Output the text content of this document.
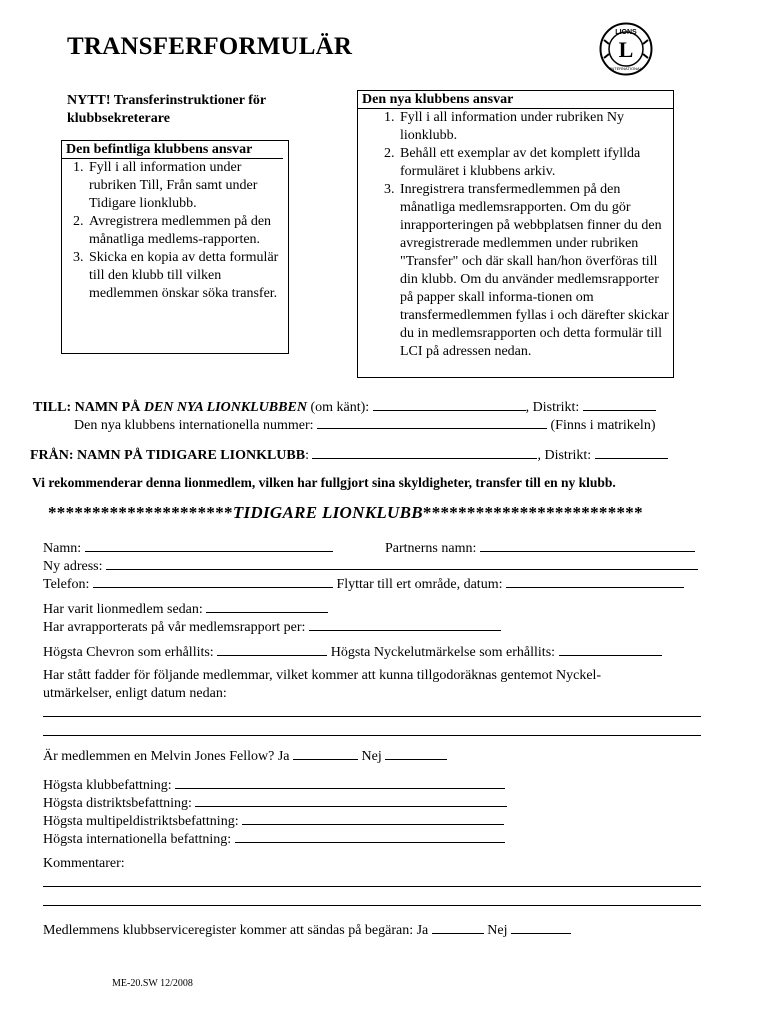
TRANSFERFORMULÄR
LIONS
INTERNATIONAL
L
NYTT! Transferinstruktioner för
klubbsekreterare
Den befintliga klubbens ansvar
1. Fyll i all information under rubriken Till, Från samt under Tidigare lionklubb.
2. Avregistrera medlemmen på den månatliga medlems-rapporten.
3. Skicka en kopia av detta formulär till den klubb till vilken medlemmen önskar söka transfer.
Den nya klubbens ansvar
1. Fyll i all information under rubriken Ny lionklubb.
2. Behåll ett exemplar av det komplett ifyllda formuläret i klubbens arkiv.
3. Inregistrera transfermedlemmen på den månatliga medlemsrapporten. Om du gör inrapporteringen på webbplatsen finner du den avregistrerade medlemmen under rubriken "Transfer" och där skall han/hon överföras till din klubb. Om du använder medlemsrapporter på papper skall informa-tionen om transfermedlemmen fyllas i och därefter skickar du in medlemsrapporten och detta formulär till LCI på adressen nedan.
TILL: NAMN PÅ DEN NYA LIONKLUBBEN (om känt):	, Distrikt:
Den nya klubbens internationella nummer:	(Finns i matrikeln)
FRÅN: NAMN PÅ TIDIGARE LIONKLUBB:	, Distrikt:
Vi rekommenderar denna lionmedlem, vilken har fullgjort sina skyldigheter, transfer till en ny klubb.
*********************TIDIGARE LIONKLUBB*************************
Namn:	Partnerns namn:
Ny adress:
Telefon:	Flyttar till ert område, datum:
Har varit lionmedlem sedan:
Har avrapporterats på vår medlemsrapport per:
Högsta Chevron som erhållits:	Högsta Nyckelutmärkelse som erhållits:
Har stått fadder för följande medlemmar, vilket kommer att kunna tillgodoräknas gentemot Nyckel-
utmärkelser, enligt datum nedan:
Är medlemmen en Melvin Jones Fellow? Ja	Nej
Högsta klubbefattning:
Högsta distriktsbefattning:
Högsta multipeldistriktsbefattning:
Högsta internationella befattning:
Kommentarer:
Medlemmens klubbserviceregister kommer att sändas på begäran: Ja	Nej
ME-20.SW 12/2008
